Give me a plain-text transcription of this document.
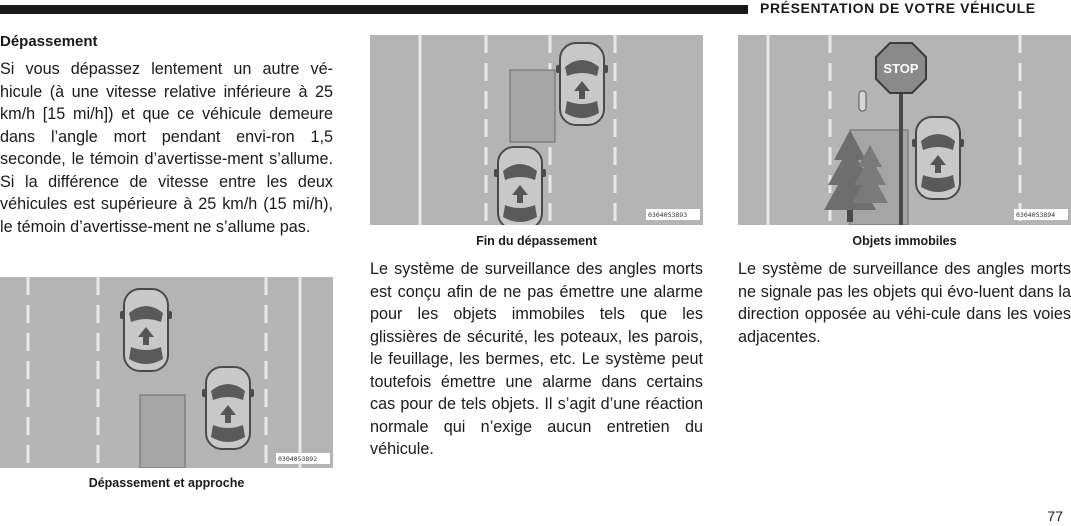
PRÉSENTATION DE VOTRE VÉHICULE
Dépassement

Si vous dépassez lentement un autre vé-hicule (à une vitesse relative inférieure à 25 km/h [15 mi/h]) et que ce véhicule demeure dans l’angle mort pendant envi-ron 1,5 seconde, le témoin d’avertisse-ment s’allume. Si la différence de vitesse entre les deux véhicules est supérieure à 25 km/h (15 mi/h), le témoin d’avertisse-ment ne s’allume pas.

0304053892
Dépassement et approche
0304053893
Fin du dépassement

Le système de surveillance des angles morts est conçu afin de ne pas émettre une alarme pour les objets immobiles tels que les glissières de sécurité, les poteaux, les parois, le feuillage, les bermes, etc. Le système peut toutefois émettre une alarme dans certains cas pour de tels objets. Il s’agit d’une réaction normale qui n’exige aucun entretien du véhicule.

STOP
0304053894
Objets immobiles

Le système de surveillance des angles morts ne signale pas les objets qui évo-luent dans la direction opposée au véhi-cule dans les voies adjacentes.

77
